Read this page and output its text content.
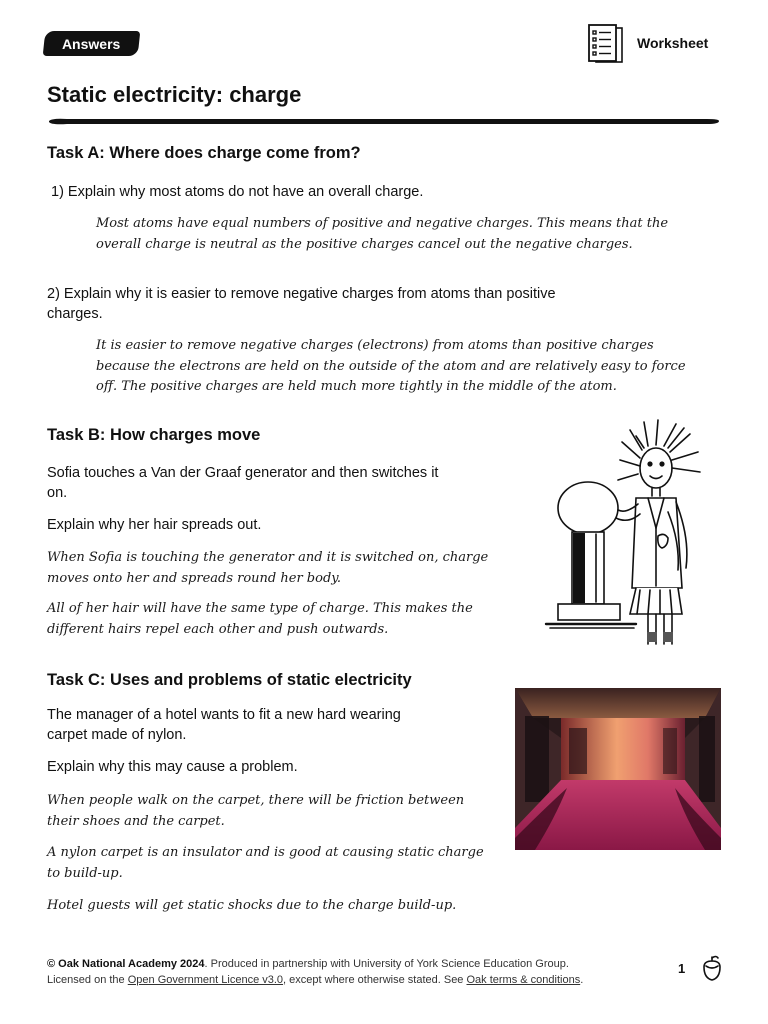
Answers	Worksheet
Static electricity: charge
Task A: Where does charge come from?
1) Explain why most atoms do not have an overall charge.
Most atoms have equal numbers of positive and negative charges. This means that the
overall charge is neutral as the positive charges cancel out the negative charges.
2) Explain why it is easier to remove negative charges from atoms than positive
charges.
It is easier to remove negative charges (electrons) from atoms than positive charges
because the electrons are held on the outside of the atom and are relatively easy to force
off. The positive charges are held much more tightly in the middle of the atom.
Task B: How charges move
Sofia touches a Van der Graaf generator and then switches it
on.
Explain why her hair spreads out.
When Sofia is touching the generator and it is switched on, charge
moves onto her and spreads round her body.
All of her hair will have the same type of charge. This makes the
different hairs repel each other and push outwards.
Task C: Uses and problems of static electricity
The manager of a hotel wants to fit a new hard wearing
carpet made of nylon.
Explain why this may cause a problem.
When people walk on the carpet, there will be friction between
their shoes and the carpet.
A nylon carpet is an insulator and is good at causing static charge
to build-up.
Hotel guests will get static shocks due to the charge build-up.
© Oak National Academy 2024. Produced in partnership with University of York Science Education Group.
Licensed on the Open Government Licence v3.0, except where otherwise stated. See Oak terms & conditions.
1
